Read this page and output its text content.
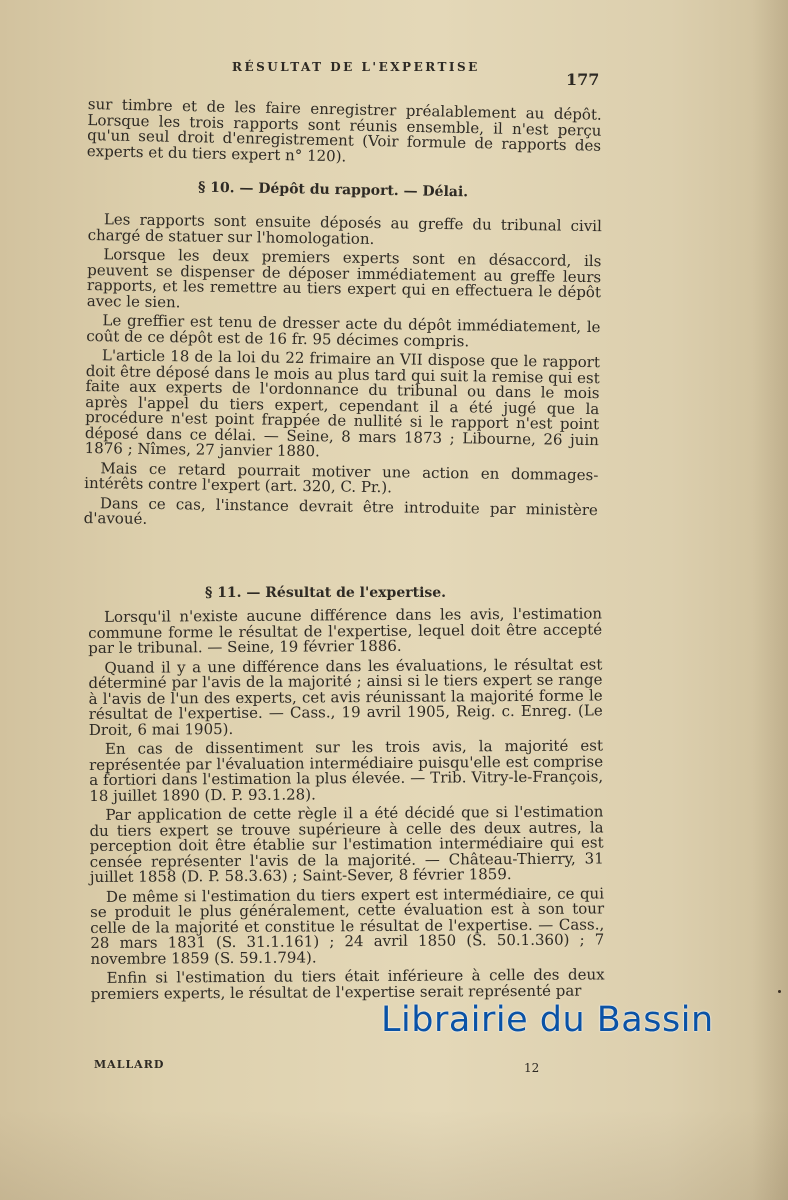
RÉSULTAT DE L'EXPERTISE
177

sur timbre et de les faire enregistrer préalablement au dépôt. Lorsque les trois rapports sont réunis ensemble, il n'est perçu qu'un seul droit d'enregistrement (Voir formule de rapports des experts et du tiers expert n° 120).

§ 10. — Dépôt du rapport. — Délai.

Les rapports sont ensuite déposés au greffe du tribunal civil chargé de statuer sur l'homologation.

Lorsque les deux premiers experts sont en désaccord, ils peuvent se dispenser de déposer immédiatement au greffe leurs rapports, et les remettre au tiers expert qui en effectuera le dépôt avec le sien.

Le greffier est tenu de dresser acte du dépôt immédiatement, le coût de ce dépôt est de 16 fr. 95 décimes compris.

L'article 18 de la loi du 22 frimaire an VII dispose que le rapport doit être déposé dans le mois au plus tard qui suit la remise qui est faite aux experts de l'ordonnance du tribunal ou dans le mois après l'appel du tiers expert, cependant il a été jugé que la procédure n'est point frappée de nullité si le rapport n'est point déposé dans ce délai. — Seine, 8 mars 1873 ; Libourne, 26 juin 1876 ; Nîmes, 27 janvier 1880.

Mais ce retard pourrait motiver une action en dommages-intérêts contre l'expert (art. 320, C. Pr.).

Dans ce cas, l'instance devrait être introduite par ministère d'avoué.

§ 11. — Résultat de l'expertise.

Lorsqu'il n'existe aucune différence dans les avis, l'estimation commune forme le résultat de l'expertise, lequel doit être accepté par le tribunal. — Seine, 19 février 1886.

Quand il y a une différence dans les évaluations, le résultat est déterminé par l'avis de la majorité ; ainsi si le tiers expert se range à l'avis de l'un des experts, cet avis réunissant la majorité forme le résultat de l'expertise. — Cass., 19 avril 1905, Reig. c. Enreg. (Le Droit, 6 mai 1905).

En cas de dissentiment sur les trois avis, la majorité est représentée par l'évaluation intermédiaire puisqu'elle est comprise a fortiori dans l'estimation la plus élevée. — Trib. Vitry-le-François, 18 juillet 1890 (D. P. 93.1.28).

Par application de cette règle il a été décidé que si l'estimation du tiers expert se trouve supérieure à celle des deux autres, la perception doit être établie sur l'estimation intermédiaire qui est censée représenter l'avis de la majorité. — Château-Thierry, 31 juillet 1858 (D. P. 58.3.63) ; Saint-Sever, 8 février 1859.

De même si l'estimation du tiers expert est intermédiaire, ce qui se produit le plus généralement, cette évaluation est à son tour celle de la majorité et constitue le résultat de l'expertise. — Cass., 28 mars 1831 (S. 31.1.161) ; 24 avril 1850 (S. 50.1.360) ; 7 novembre 1859 (S. 59.1.794).

Enfin si l'estimation du tiers était inférieure à celle des deux premiers experts, le résultat de l'expertise serait représenté par

MALLARD	12
Librairie du Bassin
